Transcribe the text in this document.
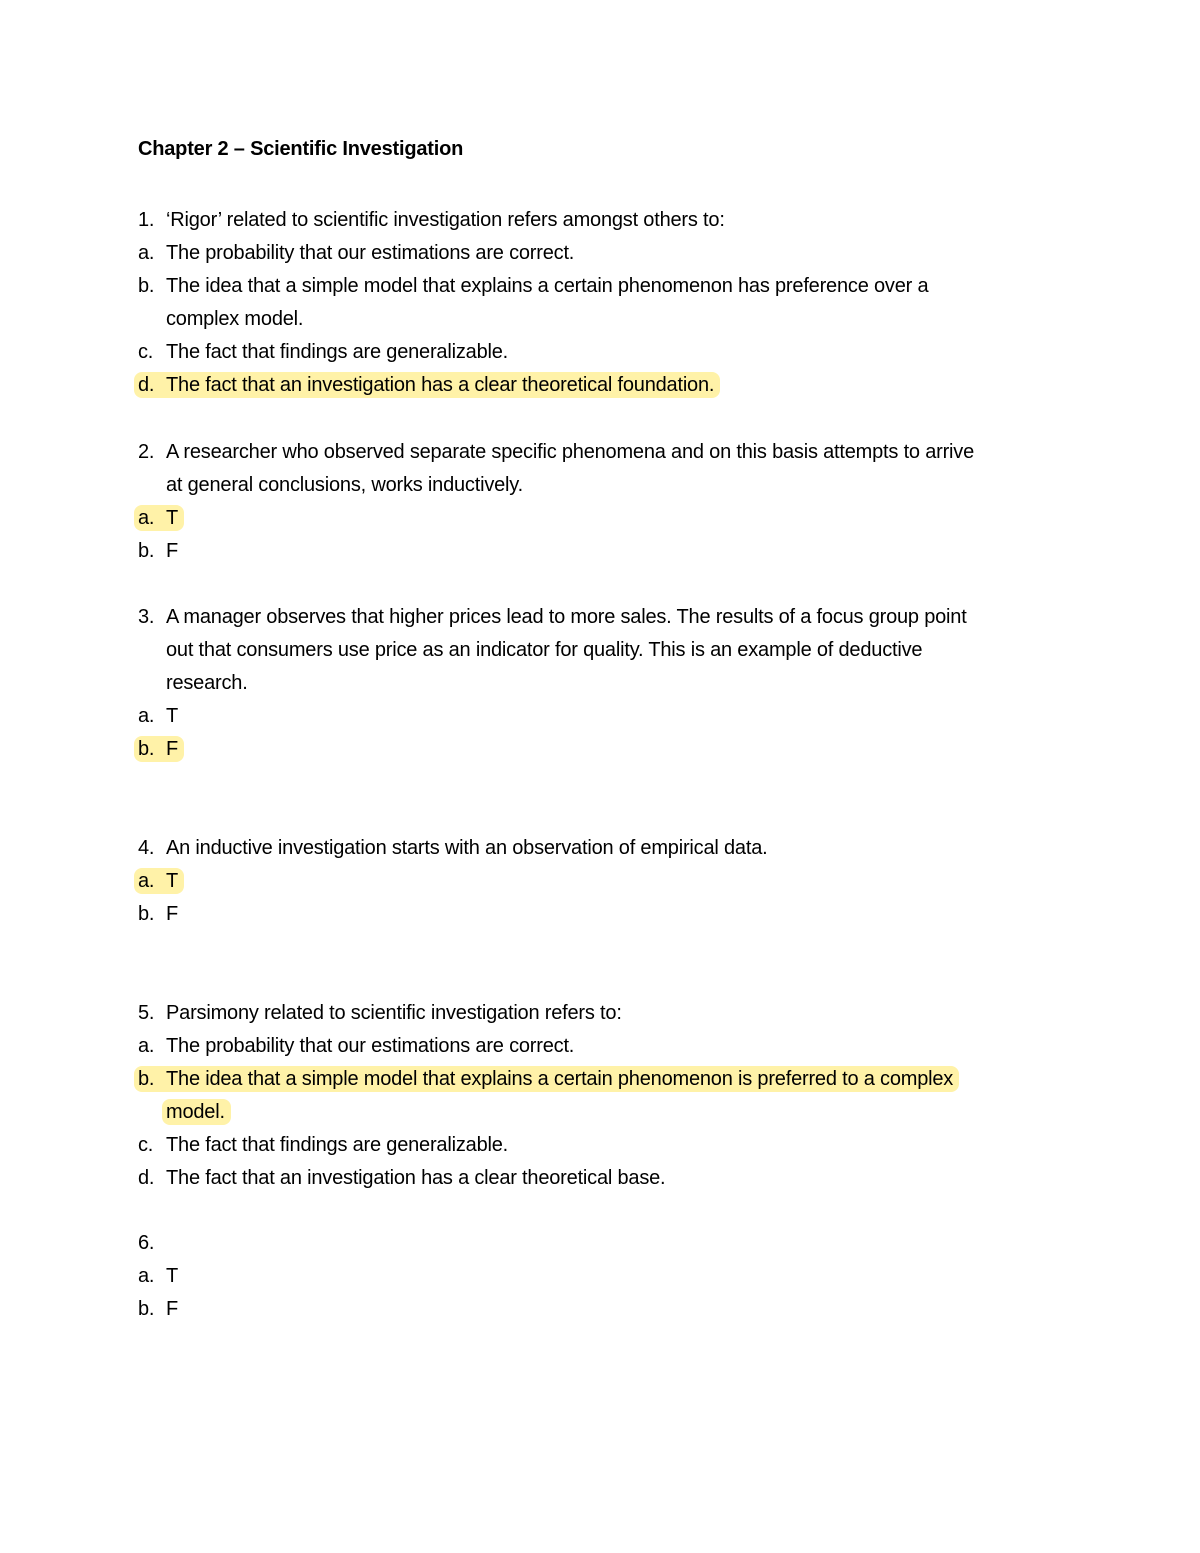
Chapter 2 – Scientific Investigation
1. ‘Rigor’ related to scientific investigation refers amongst others to:
a. The probability that our estimations are correct.
b. The idea that a simple model that explains a certain phenomenon has preference over a
complex model.
c. The fact that findings are generalizable.
d. The fact that an investigation has a clear theoretical foundation.
2. A researcher who observed separate specific phenomena and on this basis attempts to arrive
at general conclusions, works inductively.
a. T
b. F
3. A manager observes that higher prices lead to more sales. The results of a focus group point
out that consumers use price as an indicator for quality. This is an example of deductive
research.
a. T
b. F
4. An inductive investigation starts with an observation of empirical data.
a. T
b. F
5. Parsimony related to scientific investigation refers to:
a. The probability that our estimations are correct.
b. The idea that a simple model that explains a certain phenomenon is preferred to a complex
model.
c. The fact that findings are generalizable.
d. The fact that an investigation has a clear theoretical base.
6.
a. T
b. F
